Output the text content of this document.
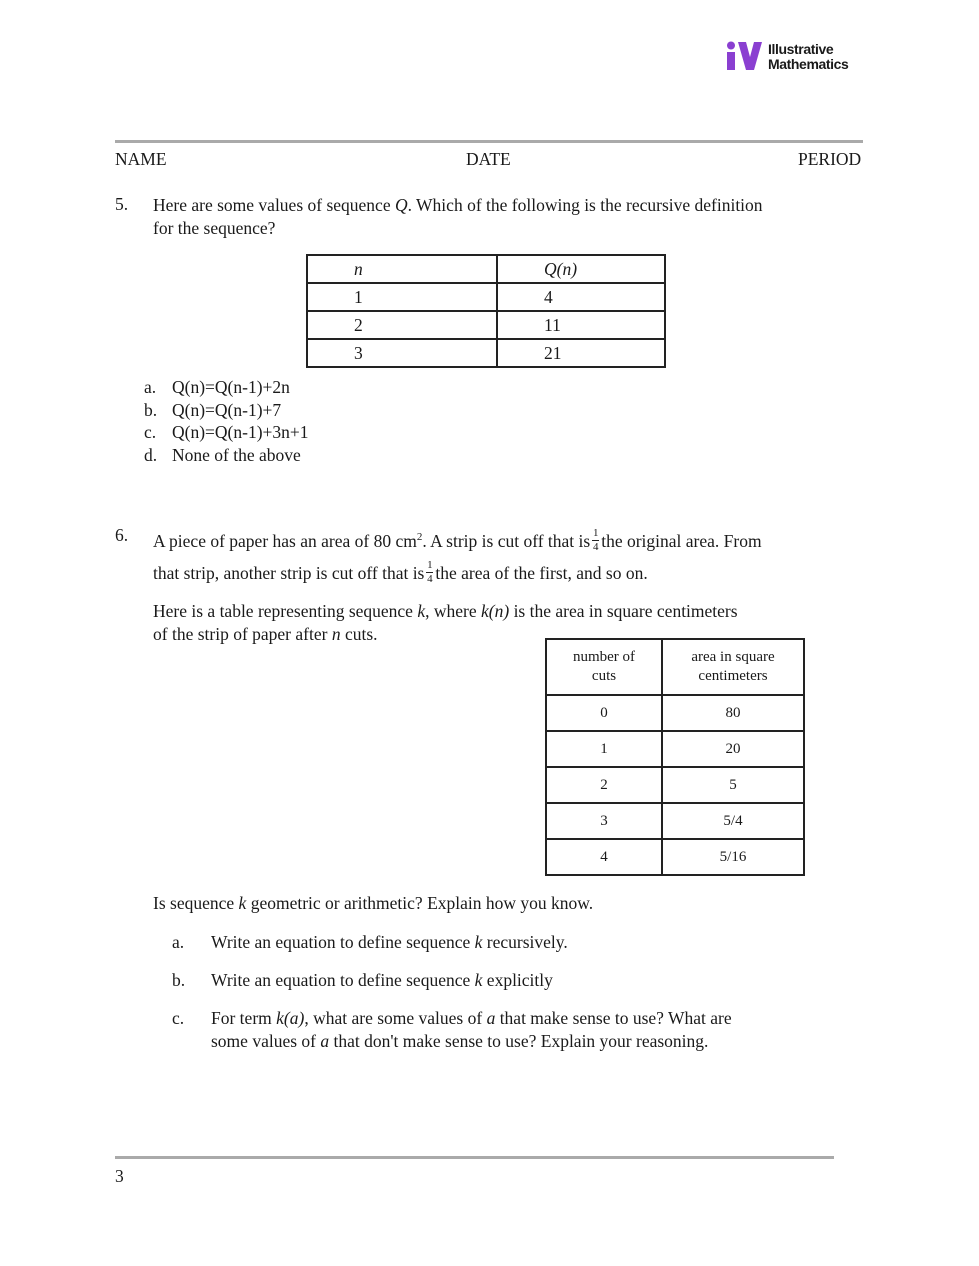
Illustrative
Mathematics
NAME	DATE	PERIOD
5. Here are some values of sequence Q. Which of the following is the recursive definition
for the sequence?
n	Q(n)
1	4
2	11
3	21
a. Q(n)=Q(n-1)+2n
b. Q(n)=Q(n-1)+7
c. Q(n)=Q(n-1)+3n+1
d. None of the above
6. A piece of paper has an area of 80 $cm^2$. A strip is cut off that is $\frac{1}{4}$ the original area. From
that strip, another strip is cut off that is $\frac{1}{4}$ the area of the first, and so on.
Here is a table representing sequence k, where k(n) is the area in square centimeters
of the strip of paper after n cuts.
number of
cuts	area in square
centimeters
0	80
1	20
2	5
3	5/4
4	5/16
Is sequence k geometric or arithmetic? Explain how you know.
a. Write an equation to define sequence k recursively.
b. Write an equation to define sequence k explicitly
c. For term k(a), what are some values of a that make sense to use? What are
some values of a that don't make sense to use? Explain your reasoning.
3
